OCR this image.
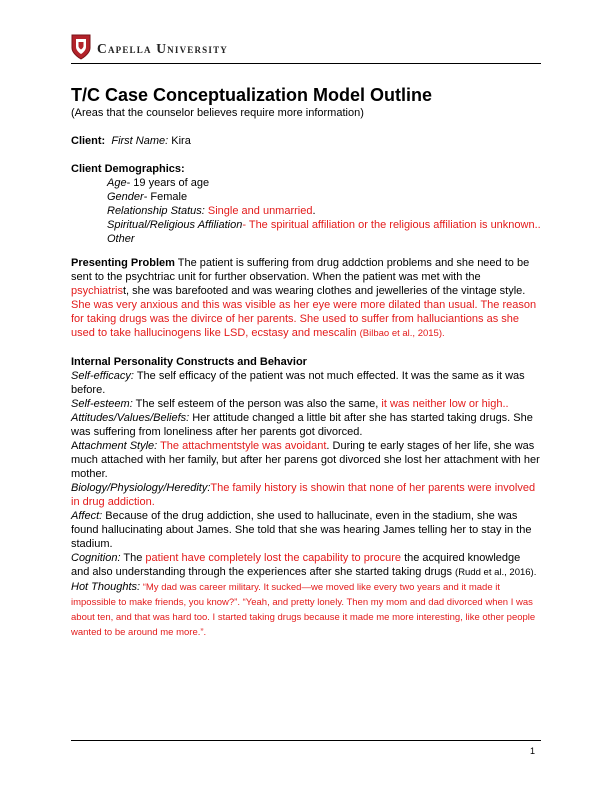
Capella University
T/C Case Conceptualization Model Outline

(Areas that the counselor believes require more information)

Client: First Name: Kira

Client Demographics:

Age- 19 years of age

Gender- Female

Relationship Status: Single and unmarried.

Spiritual/Religious Affiliation- The spiritual affiliation or the religious affiliation is unknown..

Other

Presenting Problem The patient is suffering from drug addction problems and she need to be sent to the psychtriac unit for further observation. When the patient was met with the psychiatrist, she was barefooted and was wearing clothes and jewelleries of the vintage style. She was very anxious and this was visible as her eye were more dilated than usual. The reason for taking drugs was the divirce of her parents. She used to suffer from halluciantions as she used to take hallucinogens like LSD, ecstasy and mescalin (Bilbao et al., 2015).

Internal Personality Constructs and Behavior

Self-efficacy: The self efficacy of the patient was not much effected. It was the same as it was before.

Self-esteem: The self esteem of the person was also the same, it was neither low or high..

Attitudes/Values/Beliefs: Her attitude changed a little bit after she has started taking drugs. She was suffering from loneliness after her parents got divorced.

Attachment Style: The attachmentstyle was avoidant. During te early stages of her life, she was much attached with her family, but after her parens got divorced she lost her attachment with her mother.

Biology/Physiology/Heredity:The family history is showin that none of her parents were involved in drug addiction.

Affect: Because of the drug addiction, she used to hallucinate, even in the stadium, she was found hallucinating about James. She told that she was hearing James telling her to stay in the stadium.

Cognition: The patient have completely lost the capability to procure the acquired knowledge and also understanding through the experiences after she started taking drugs (Rudd et al., 2016).

Hot Thoughts: “My dad was career military. It sucked—we moved like every two years and it made it impossible to make friends, you know?”. “Yeah, and pretty lonely. Then my mom and dad divorced when I was about ten, and that was hard too. I started taking drugs because it made me more interesting, like other people wanted to be around me more.”.

1
